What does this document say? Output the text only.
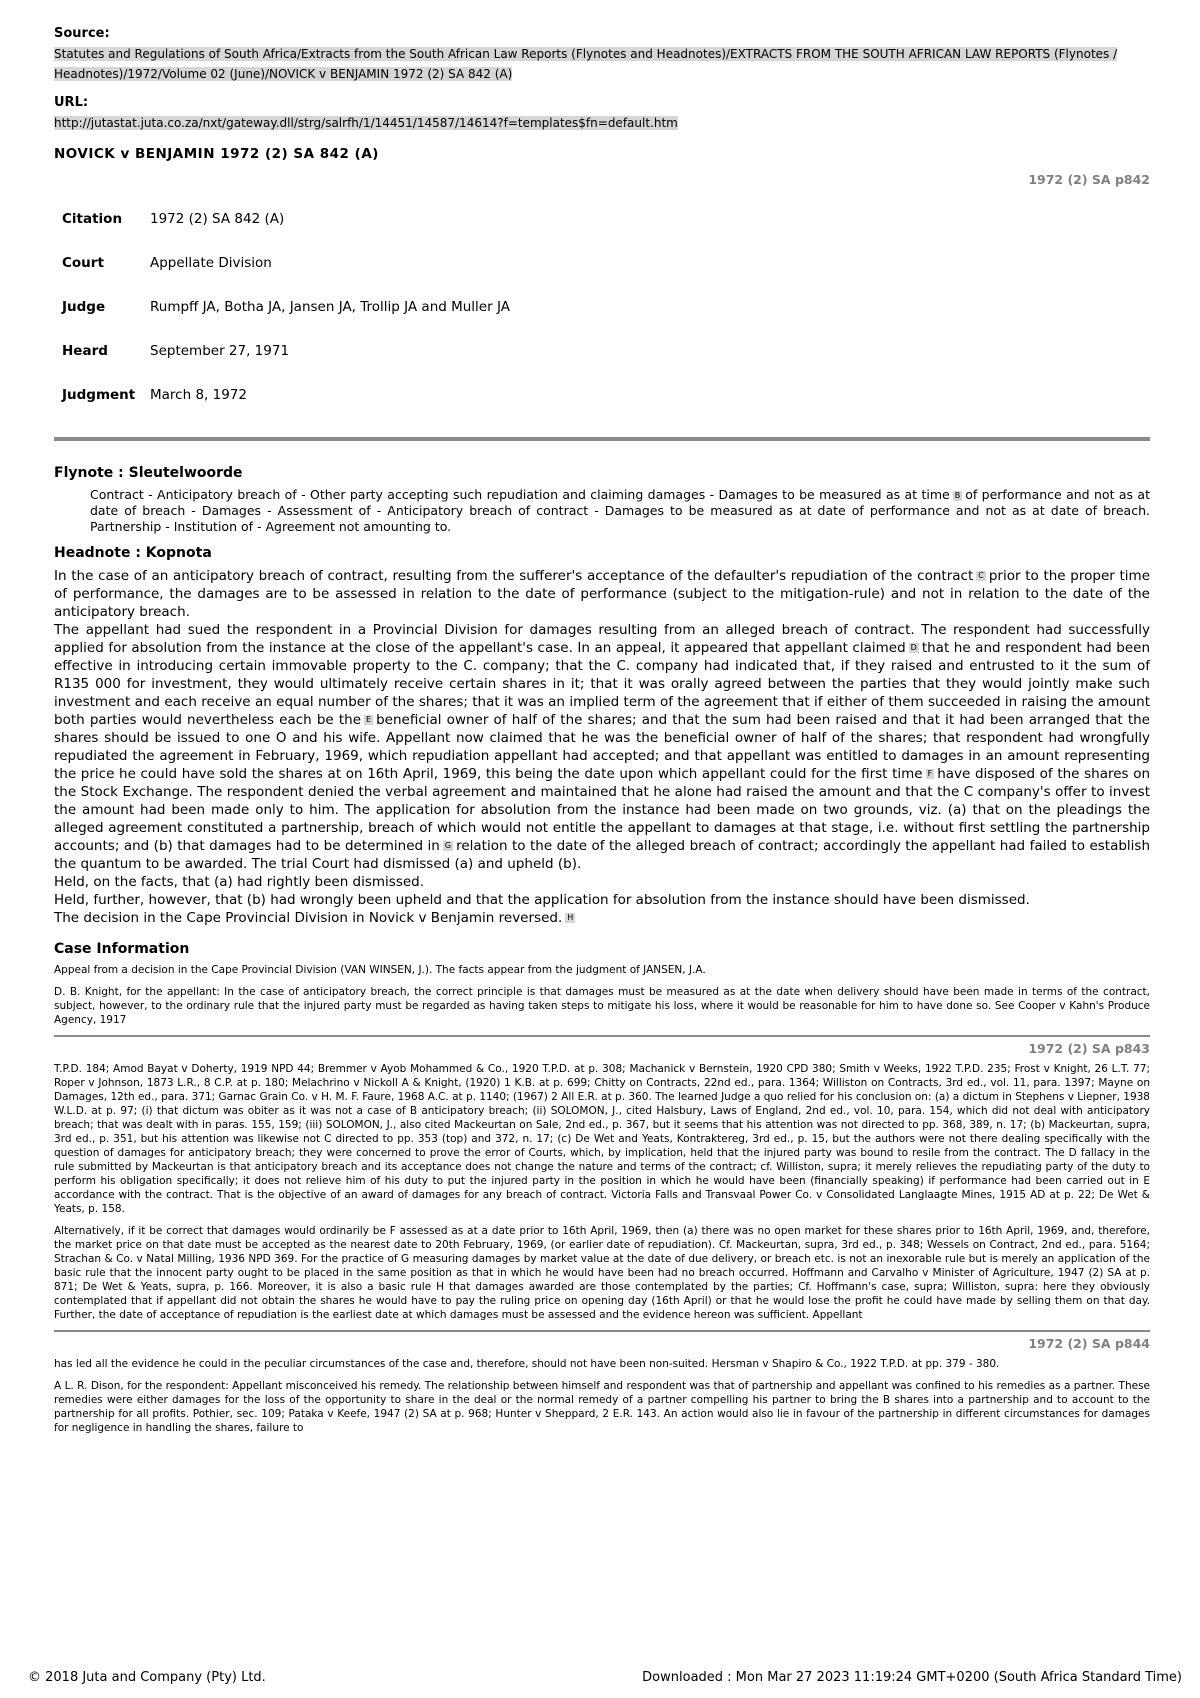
Source:
Statutes and Regulations of South Africa/Extracts from the South African Law Reports (Flynotes and Headnotes)/EXTRACTS FROM THE SOUTH AFRICAN LAW REPORTS (Flynotes / Headnotes)/1972/Volume 02 (June)/NOVICK v BENJAMIN 1972 (2) SA 842 (A)
URL:
http://jutastat.juta.co.za/nxt/gateway.dll/strg/salrfh/1/14451/14587/14614?f=templates$fn=default.htm
NOVICK v BENJAMIN 1972 (2) SA 842 (A)
1972 (2) SA p842
Citation	1972 (2) SA 842 (A)
Court	Appellate Division
Judge	Rumpff JA, Botha JA, Jansen JA, Trollip JA and Muller JA
Heard	September 27, 1971
Judgment	March 8, 1972
Flynote : Sleutelwoorde
Contract - Anticipatory breach of - Other party accepting such repudiation and claiming damages - Damages to be measured as at time B of performance and not as at date of breach - Damages - Assessment of - Anticipatory breach of contract - Damages to be measured as at date of performance and not as at date of breach. Partnership - Institution of - Agreement not amounting to.
Headnote : Kopnota

In the case of an anticipatory breach of contract, resulting from the sufferer's acceptance of the defaulter's repudiation of the contract C prior to the proper time of performance, the damages are to be assessed in relation to the date of performance (subject to the mitigation-rule) and not in relation to the date of the anticipatory breach.

The appellant had sued the respondent in a Provincial Division for damages resulting from an alleged breach of contract. The respondent had successfully applied for absolution from the instance at the close of the appellant's case. In an appeal, it appeared that appellant claimed D that he and respondent had been effective in introducing certain immovable property to the C. company; that the C. company had indicated that, if they raised and entrusted to it the sum of R135 000 for investment, they would ultimately receive certain shares in it; that it was orally agreed between the parties that they would jointly make such investment and each receive an equal number of the shares; that it was an implied term of the agreement that if either of them succeeded in raising the amount both parties would nevertheless each be the E beneficial owner of half of the shares; and that the sum had been raised and that it had been arranged that the shares should be issued to one O and his wife. Appellant now claimed that he was the beneficial owner of half of the shares; that respondent had wrongfully repudiated the agreement in February, 1969, which repudiation appellant had accepted; and that appellant was entitled to damages in an amount representing the price he could have sold the shares at on 16th April, 1969, this being the date upon which appellant could for the first time F have disposed of the shares on the Stock Exchange. The respondent denied the verbal agreement and maintained that he alone had raised the amount and that the C company's offer to invest the amount had been made only to him. The application for absolution from the instance had been made on two grounds, viz. (a) that on the pleadings the alleged agreement constituted a partnership, breach of which would not entitle the appellant to damages at that stage, i.e. without first settling the partnership accounts; and (b) that damages had to be determined in G relation to the date of the alleged breach of contract; accordingly the appellant had failed to establish the quantum to be awarded. The trial Court had dismissed (a) and upheld (b).

Held, on the facts, that (a) had rightly been dismissed.

Held, further, however, that (b) had wrongly been upheld and that the application for absolution from the instance should have been dismissed.

The decision in the Cape Provincial Division in Novick v Benjamin reversed. H

Case Information

Appeal from a decision in the Cape Provincial Division (VAN WINSEN, J.). The facts appear from the judgment of JANSEN, J.A.

D. B. Knight, for the appellant: In the case of anticipatory breach, the correct principle is that damages must be measured as at the date when delivery should have been made in terms of the contract, subject, however, to the ordinary rule that the injured party must be regarded as having taken steps to mitigate his loss, where it would be reasonable for him to have done so. See Cooper v Kahn's Produce Agency, 1917

1972 (2) SA p843

T.P.D. 184; Amod Bayat v Doherty, 1919 NPD 44; Bremmer v Ayob Mohammed & Co., 1920 T.P.D. at p. 308; Machanick v Bernstein, 1920 CPD 380; Smith v Weeks, 1922 T.P.D. 235; Frost v Knight, 26 L.T. 77; Roper v Johnson, 1873 L.R., 8 C.P. at p. 180; Melachrino v Nickoll A & Knight, (1920) 1 K.B. at p. 699; Chitty on Contracts, 22nd ed., para. 1364; Williston on Contracts, 3rd ed., vol. 11, para. 1397; Mayne on Damages, 12th ed., para. 371; Garnac Grain Co. v H. M. F. Faure, 1968 A.C. at p. 1140; (1967) 2 All E.R. at p. 360. The learned Judge a quo relied for his conclusion on: (a) a dictum in Stephens v Liepner, 1938 W.L.D. at p. 97; (i) that dictum was obiter as it was not a case of B anticipatory breach; (ii) SOLOMON, J., cited Halsbury, Laws of England, 2nd ed., vol. 10, para. 154, which did not deal with anticipatory breach; that was dealt with in paras. 155, 159; (iii) SOLOMON, J., also cited Mackeurtan on Sale, 2nd ed., p. 367, but it seems that his attention was not directed to pp. 368, 389, n. 17; (b) Mackeurtan, supra, 3rd ed., p. 351, but his attention was likewise not C directed to pp. 353 (top) and 372, n. 17; (c) De Wet and Yeats, Kontraktereg, 3rd ed., p. 15, but the authors were not there dealing specifically with the question of damages for anticipatory breach; they were concerned to prove the error of Courts, which, by implication, held that the injured party was bound to resile from the contract. The D fallacy in the rule submitted by Mackeurtan is that anticipatory breach and its acceptance does not change the nature and terms of the contract; cf. Williston, supra; it merely relieves the repudiating party of the duty to perform his obligation specifically; it does not relieve him of his duty to put the injured party in the position in which he would have been (financially speaking) if performance had been carried out in E accordance with the contract. That is the objective of an award of damages for any breach of contract. Victoria Falls and Transvaal Power Co. v Consolidated Langlaagte Mines, 1915 AD at p. 22; De Wet & Yeats, p. 158.

Alternatively, if it be correct that damages would ordinarily be F assessed as at a date prior to 16th April, 1969, then (a) there was no open market for these shares prior to 16th April, 1969, and, therefore, the market price on that date must be accepted as the nearest date to 20th February, 1969, (or earlier date of repudiation). Cf. Mackeurtan, supra, 3rd ed., p. 348; Wessels on Contract, 2nd ed., para. 5164; Strachan & Co. v Natal Milling, 1936 NPD 369. For the practice of G measuring damages by market value at the date of due delivery, or breach etc. is not an inexorable rule but is merely an application of the basic rule that the innocent party ought to be placed in the same position as that in which he would have been had no breach occurred. Hoffmann and Carvalho v Minister of Agriculture, 1947 (2) SA at p. 871; De Wet & Yeats, supra, p. 166. Moreover, it is also a basic rule H that damages awarded are those contemplated by the parties; Cf. Hoffmann's case, supra; Williston, supra: here they obviously contemplated that if appellant did not obtain the shares he would have to pay the ruling price on opening day (16th April) or that he would lose the profit he could have made by selling them on that day. Further, the date of acceptance of repudiation is the earliest date at which damages must be assessed and the evidence hereon was sufficient. Appellant

1972 (2) SA p844

has led all the evidence he could in the peculiar circumstances of the case and, therefore, should not have been non-suited. Hersman v Shapiro & Co., 1922 T.P.D. at pp. 379 - 380.

A L. R. Dison, for the respondent: Appellant misconceived his remedy. The relationship between himself and respondent was that of partnership and appellant was confined to his remedies as a partner. These remedies were either damages for the loss of the opportunity to share in the deal or the normal remedy of a partner compelling his partner to bring the B shares into a partnership and to account to the partnership for all profits. Pothier, sec. 109; Pataka v Keefe, 1947 (2) SA at p. 968; Hunter v Sheppard, 2 E.R. 143. An action would also lie in favour of the partnership in different circumstances for damages for negligence in handling the shares, failure to

© 2018 Juta and Company (Pty) Ltd.	Downloaded : Mon Mar 27 2023 11:19:24 GMT+0200 (South Africa Standard Time)
